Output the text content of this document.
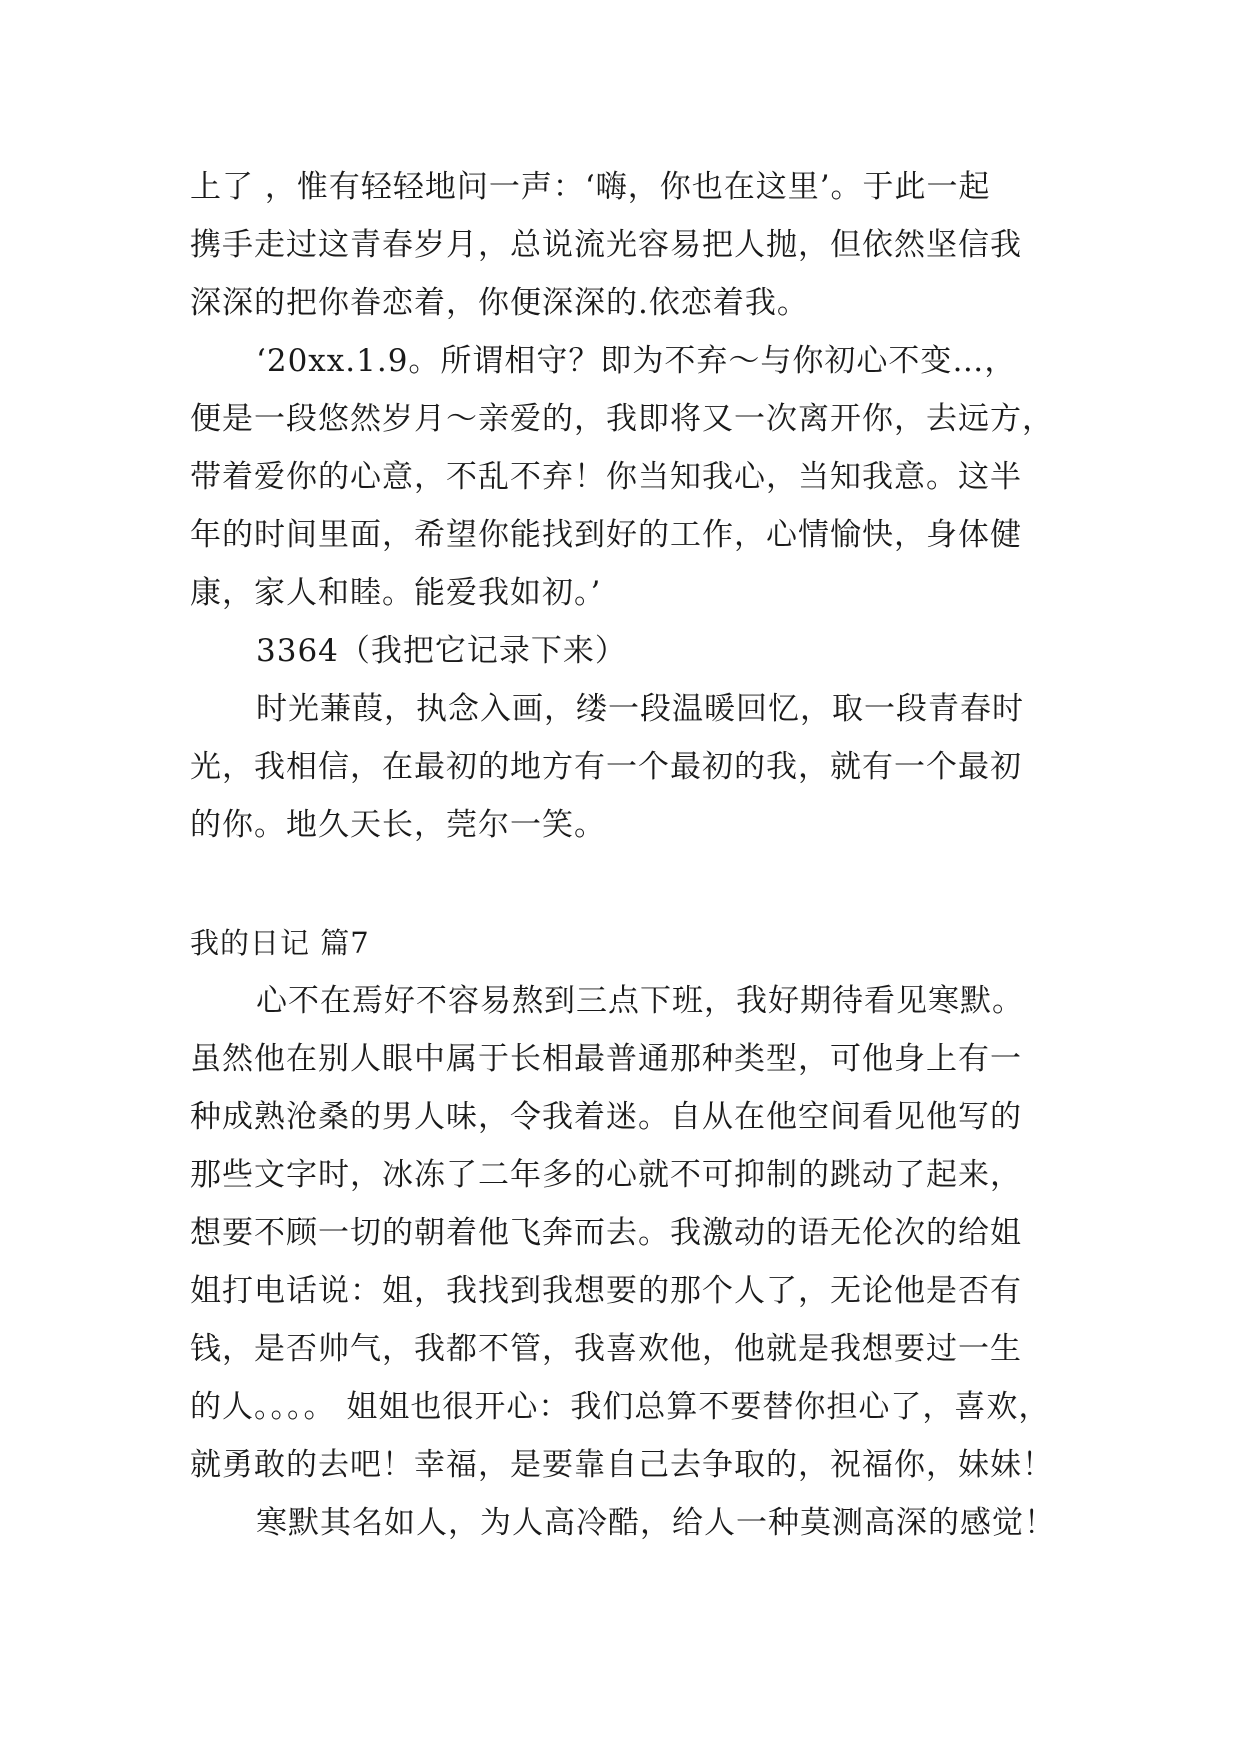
上了 ，惟有轻轻地问一声：‘嗨，你也在这里’。于此一起
携手走过这青春岁月，总说流光容易把人抛，但依然坚信我
深深的把你眷恋着，你便深深的.依恋着我。
‘20xx.1.9。所谓相守？即为不弃～与你初心不变…，
便是一段悠然岁月～亲爱的，我即将又一次离开你，去远方，
带着爱你的心意，不乱不弃！你当知我心，当知我意。这半
年的时间里面，希望你能找到好的工作，心情愉快，身体健
康，家人和睦。能爱我如初。’
3364（我把它记录下来）
时光蒹葭，执念入画，缕一段温暖回忆，取一段青春时
光，我相信，在最初的地方有一个最初的我，就有一个最初
的你。地久天长，莞尔一笑。
我的日记 篇7
心不在焉好不容易熬到三点下班，我好期待看见寒默。
虽然他在别人眼中属于长相最普通那种类型，可他身上有一
种成熟沧桑的男人味，令我着迷。自从在他空间看见他写的
那些文字时，冰冻了二年多的心就不可抑制的跳动了起来，
想要不顾一切的朝着他飞奔而去。我激动的语无伦次的给姐
姐打电话说：姐，我找到我想要的那个人了，无论他是否有
钱，是否帅气，我都不管，我喜欢他，他就是我想要过一生
的人。。。。 姐姐也很开心：我们总算不要替你担心了，喜欢，
就勇敢的去吧！幸福，是要靠自己去争取的，祝福你，妹妹！
寒默其名如人，为人高冷酷，给人一种莫测高深的感觉！
